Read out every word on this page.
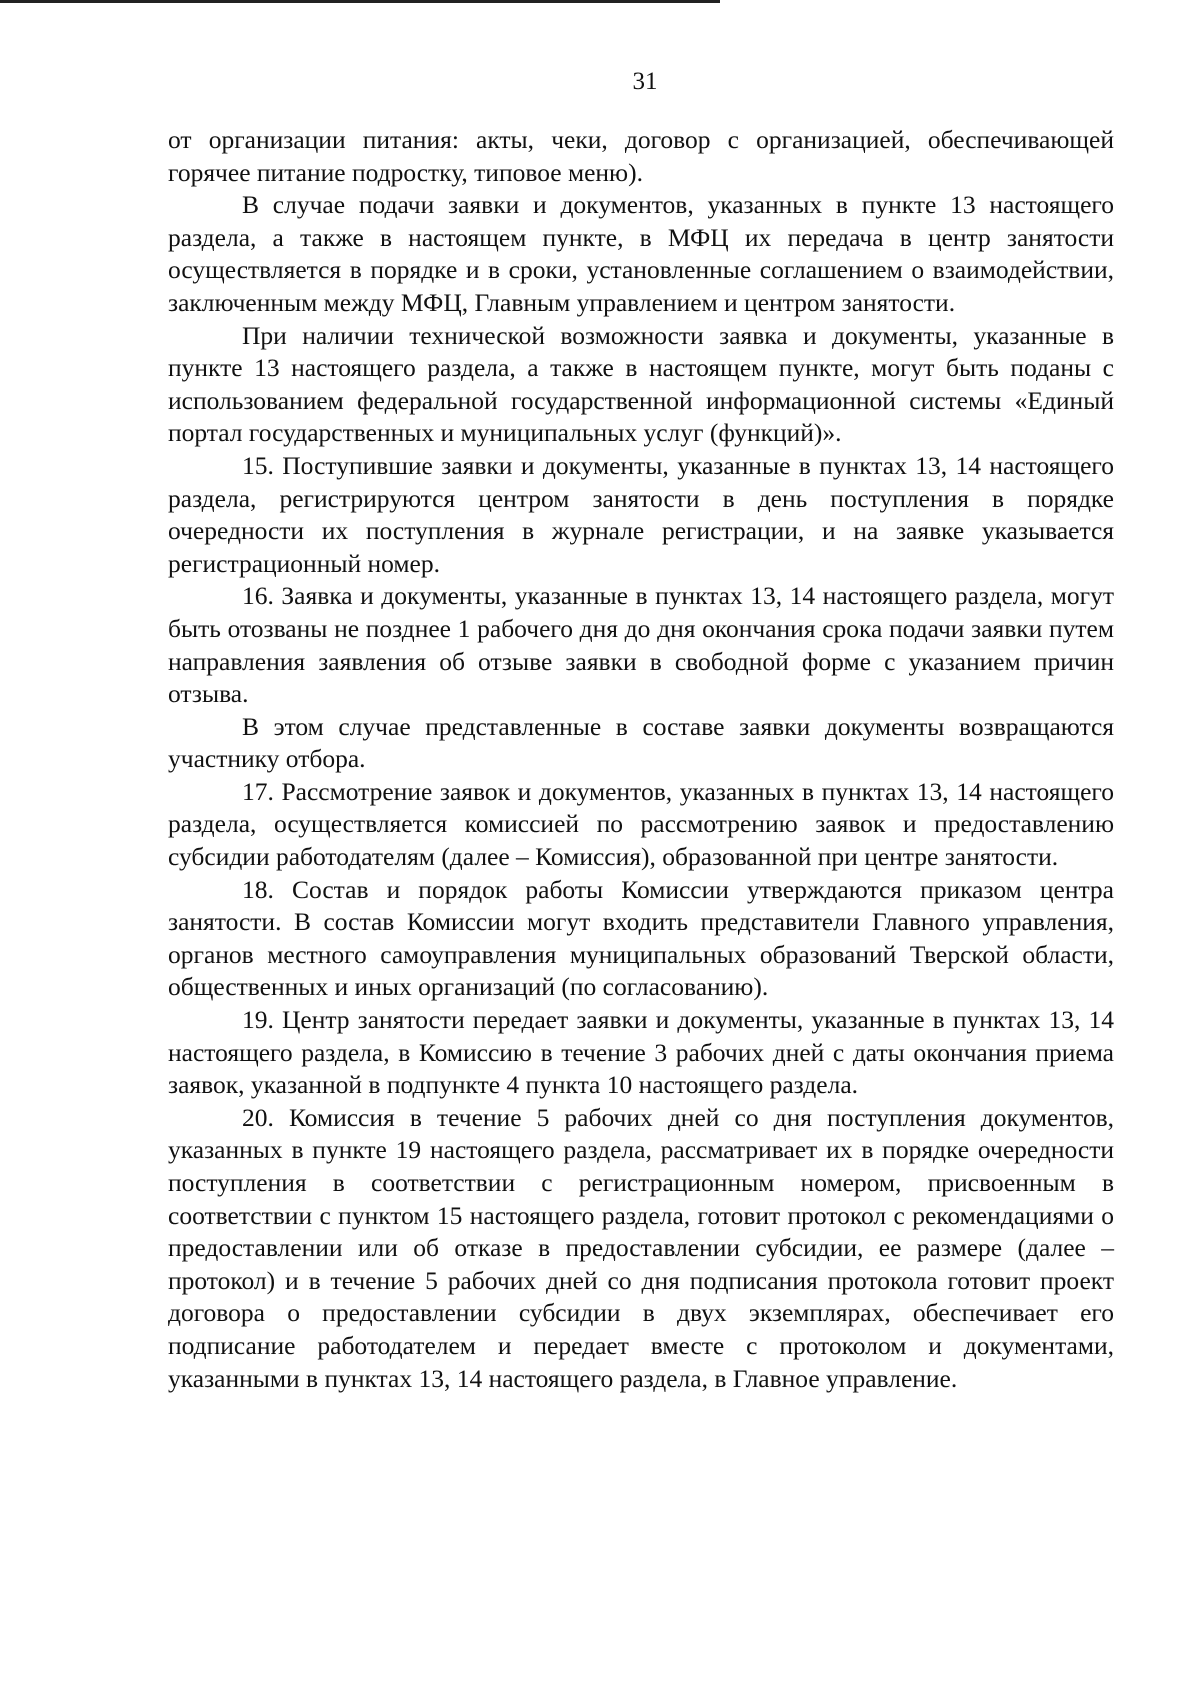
31

от организации питания: акты, чеки, договор с организацией, обеспечивающей горячее питание подростку, типовое меню).

В случае подачи заявки и документов, указанных в пункте 13 настоящего раздела, а также в настоящем пункте, в МФЦ их передача в центр занятости осуществляется в порядке и в сроки, установленные соглашением о взаимодействии, заключенным между МФЦ, Главным управлением и центром занятости.

При наличии технической возможности заявка и документы, указанные в пункте 13 настоящего раздела, а также в настоящем пункте, могут быть поданы с использованием федеральной государственной информационной системы «Единый портал государственных и муниципальных услуг (функций)».

15. Поступившие заявки и документы, указанные в пунктах 13, 14 настоящего раздела, регистрируются центром занятости в день поступления в порядке очередности их поступления в журнале регистрации, и на заявке указывается регистрационный номер.

16. Заявка и документы, указанные в пунктах 13, 14 настоящего раздела, могут быть отозваны не позднее 1 рабочего дня до дня окончания срока подачи заявки путем направления заявления об отзыве заявки в свободной форме с указанием причин отзыва.

В этом случае представленные в составе заявки документы возвращаются участнику отбора.

17. Рассмотрение заявок и документов, указанных в пунктах 13, 14 настоящего раздела, осуществляется комиссией по рассмотрению заявок и предоставлению субсидии работодателям (далее – Комиссия), образованной при центре занятости.

18. Состав и порядок работы Комиссии утверждаются приказом центра занятости. В состав Комиссии могут входить представители Главного управления, органов местного самоуправления муниципальных образований Тверской области, общественных и иных организаций (по согласованию).

19. Центр занятости передает заявки и документы, указанные в пунктах 13, 14 настоящего раздела, в Комиссию в течение 3 рабочих дней с даты окончания приема заявок, указанной в подпункте 4 пункта 10 настоящего раздела.

20. Комиссия в течение 5 рабочих дней со дня поступления документов, указанных в пункте 19 настоящего раздела, рассматривает их в порядке очередности поступления в соответствии с регистрационным номером, присвоенным в соответствии с пунктом 15 настоящего раздела, готовит протокол с рекомендациями о предоставлении или об отказе в предоставлении субсидии, ее размере (далее – протокол) и в течение 5 рабочих дней со дня подписания протокола готовит проект договора о предоставлении субсидии в двух экземплярах, обеспечивает его подписание работодателем и передает вместе с протоколом и документами, указанными в пунктах 13, 14 настоящего раздела, в Главное управление.
